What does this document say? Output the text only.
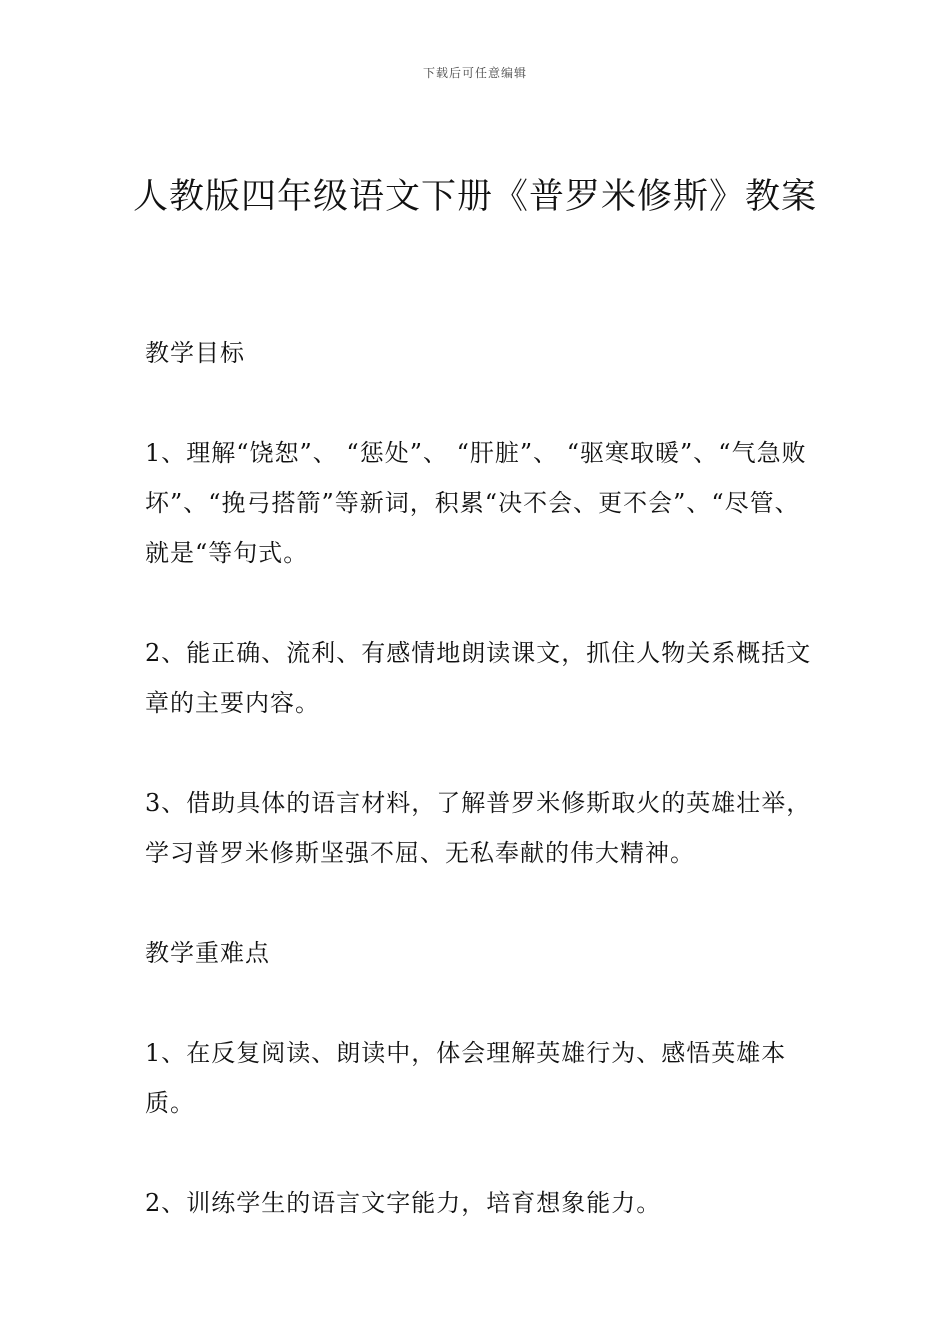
下载后可任意编辑
人教版四年级语文下册《普罗米修斯》教案

教学目标

1、理解“饶恕”、 “惩处”、 “肝脏”、 “驱寒取暖”、“气急败坏”、“挽弓搭箭”等新词，积累“决不会、更不会”、“尽管、就是“等句式。

2、能正确、流利、有感情地朗读课文，抓住人物关系概括文章的主要内容。

3、借助具体的语言材料，了解普罗米修斯取火的英雄壮举，学习普罗米修斯坚强不屈、无私奉献的伟大精神。

教学重难点

1、在反复阅读、朗读中，体会理解英雄行为、感悟英雄本质。

2、训练学生的语言文字能力，培育想象能力。
